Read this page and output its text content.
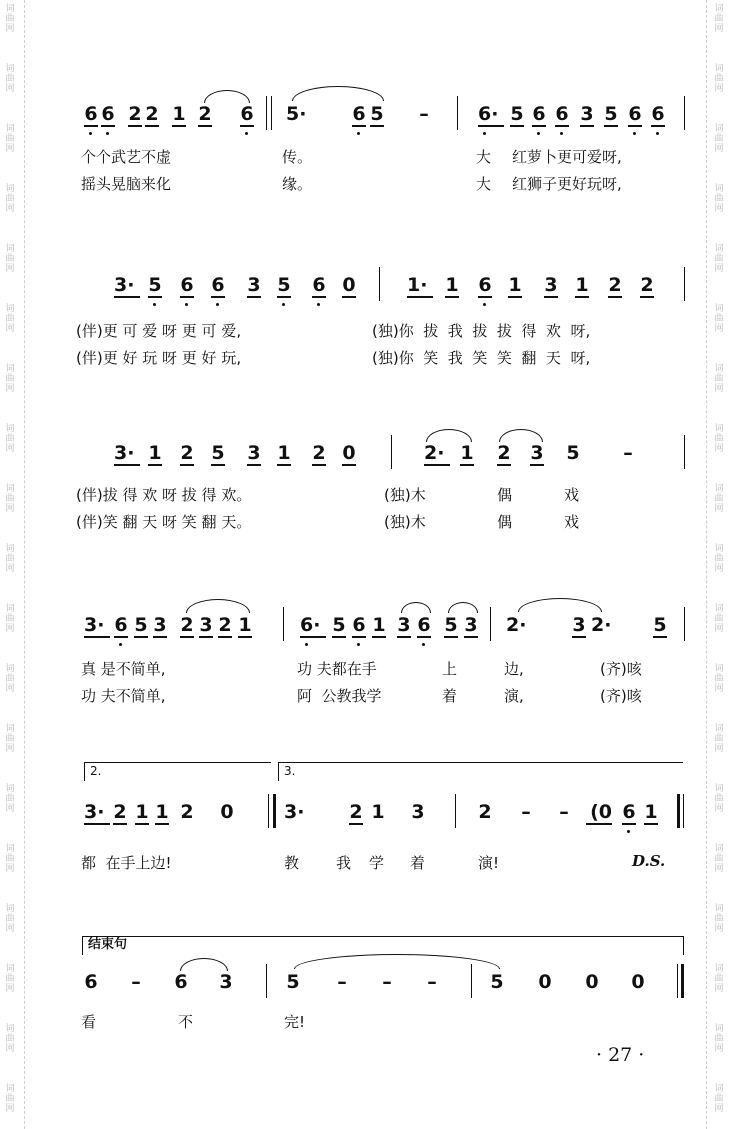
词
曲
网
词
曲
网
词
曲
网
词
曲
网
词
曲
网
词
曲
网
词
曲
网
词
曲
网
词
曲
网
词
曲
网
词
曲
网
词
曲
网
词
曲
网
词
曲
网
词
曲
网
词
曲
网
词
曲
网
词
曲
网
词
曲
网
词
曲
网
词
曲
网
词
曲
网
词
曲
网
词
曲
网
词
曲
网
词
曲
网
词
曲
网
词
曲
网
词
曲
网
词
曲
网
词
曲
网
词
曲
网
词
曲
网
词
曲
网
词
曲
网
词
曲
网
词
曲
网
词
曲
网
6 6 2 2 1 2 6 5· 6 5 –	6· 5 6 6 3 5 6 6
个个武艺不虚	传。	大 红萝卜更可爱呀,
摇头晃脑来化	缘。	大 红狮子更好玩呀,
3· 5 6 6 3 5 6 0	1· 1 6 1 3 1 2 2
(伴)更 可 爱 呀 更 可 爱,	(独)你  拔  我  拔  拔  得  欢  呀,
(伴)更 好 玩 呀 更 好 玩,	(独)你  笑  我  笑  笑  翻  天  呀,
3· 1 2 5 3 1 2 0	2· 1 2 3 5 –
(伴)拔 得 欢 呀 拔 得 欢。	(独)木	偶	戏
(伴)笑 翻 天 呀 笑 翻 天。	(独)木	偶	戏
3· 6 5 3 2 3 2 1	6· 5 6 1 3 6 5 3 2· 3 2· 5
真 是不简单,	功 夫都在手	上	边,	(齐)咳
功 夫不简单,	阿  公教我学	着	演,	(齐)咳
2.	3.
3· 2 1 1 2 0	3· 2 1 3	2 – – (0 6 1
都  在手上边!	教 我 学 着	演!	D.S.
结束句
6 – 6 3	5 – – –	5 0 0 0
看	不	完!
· 27 ·
